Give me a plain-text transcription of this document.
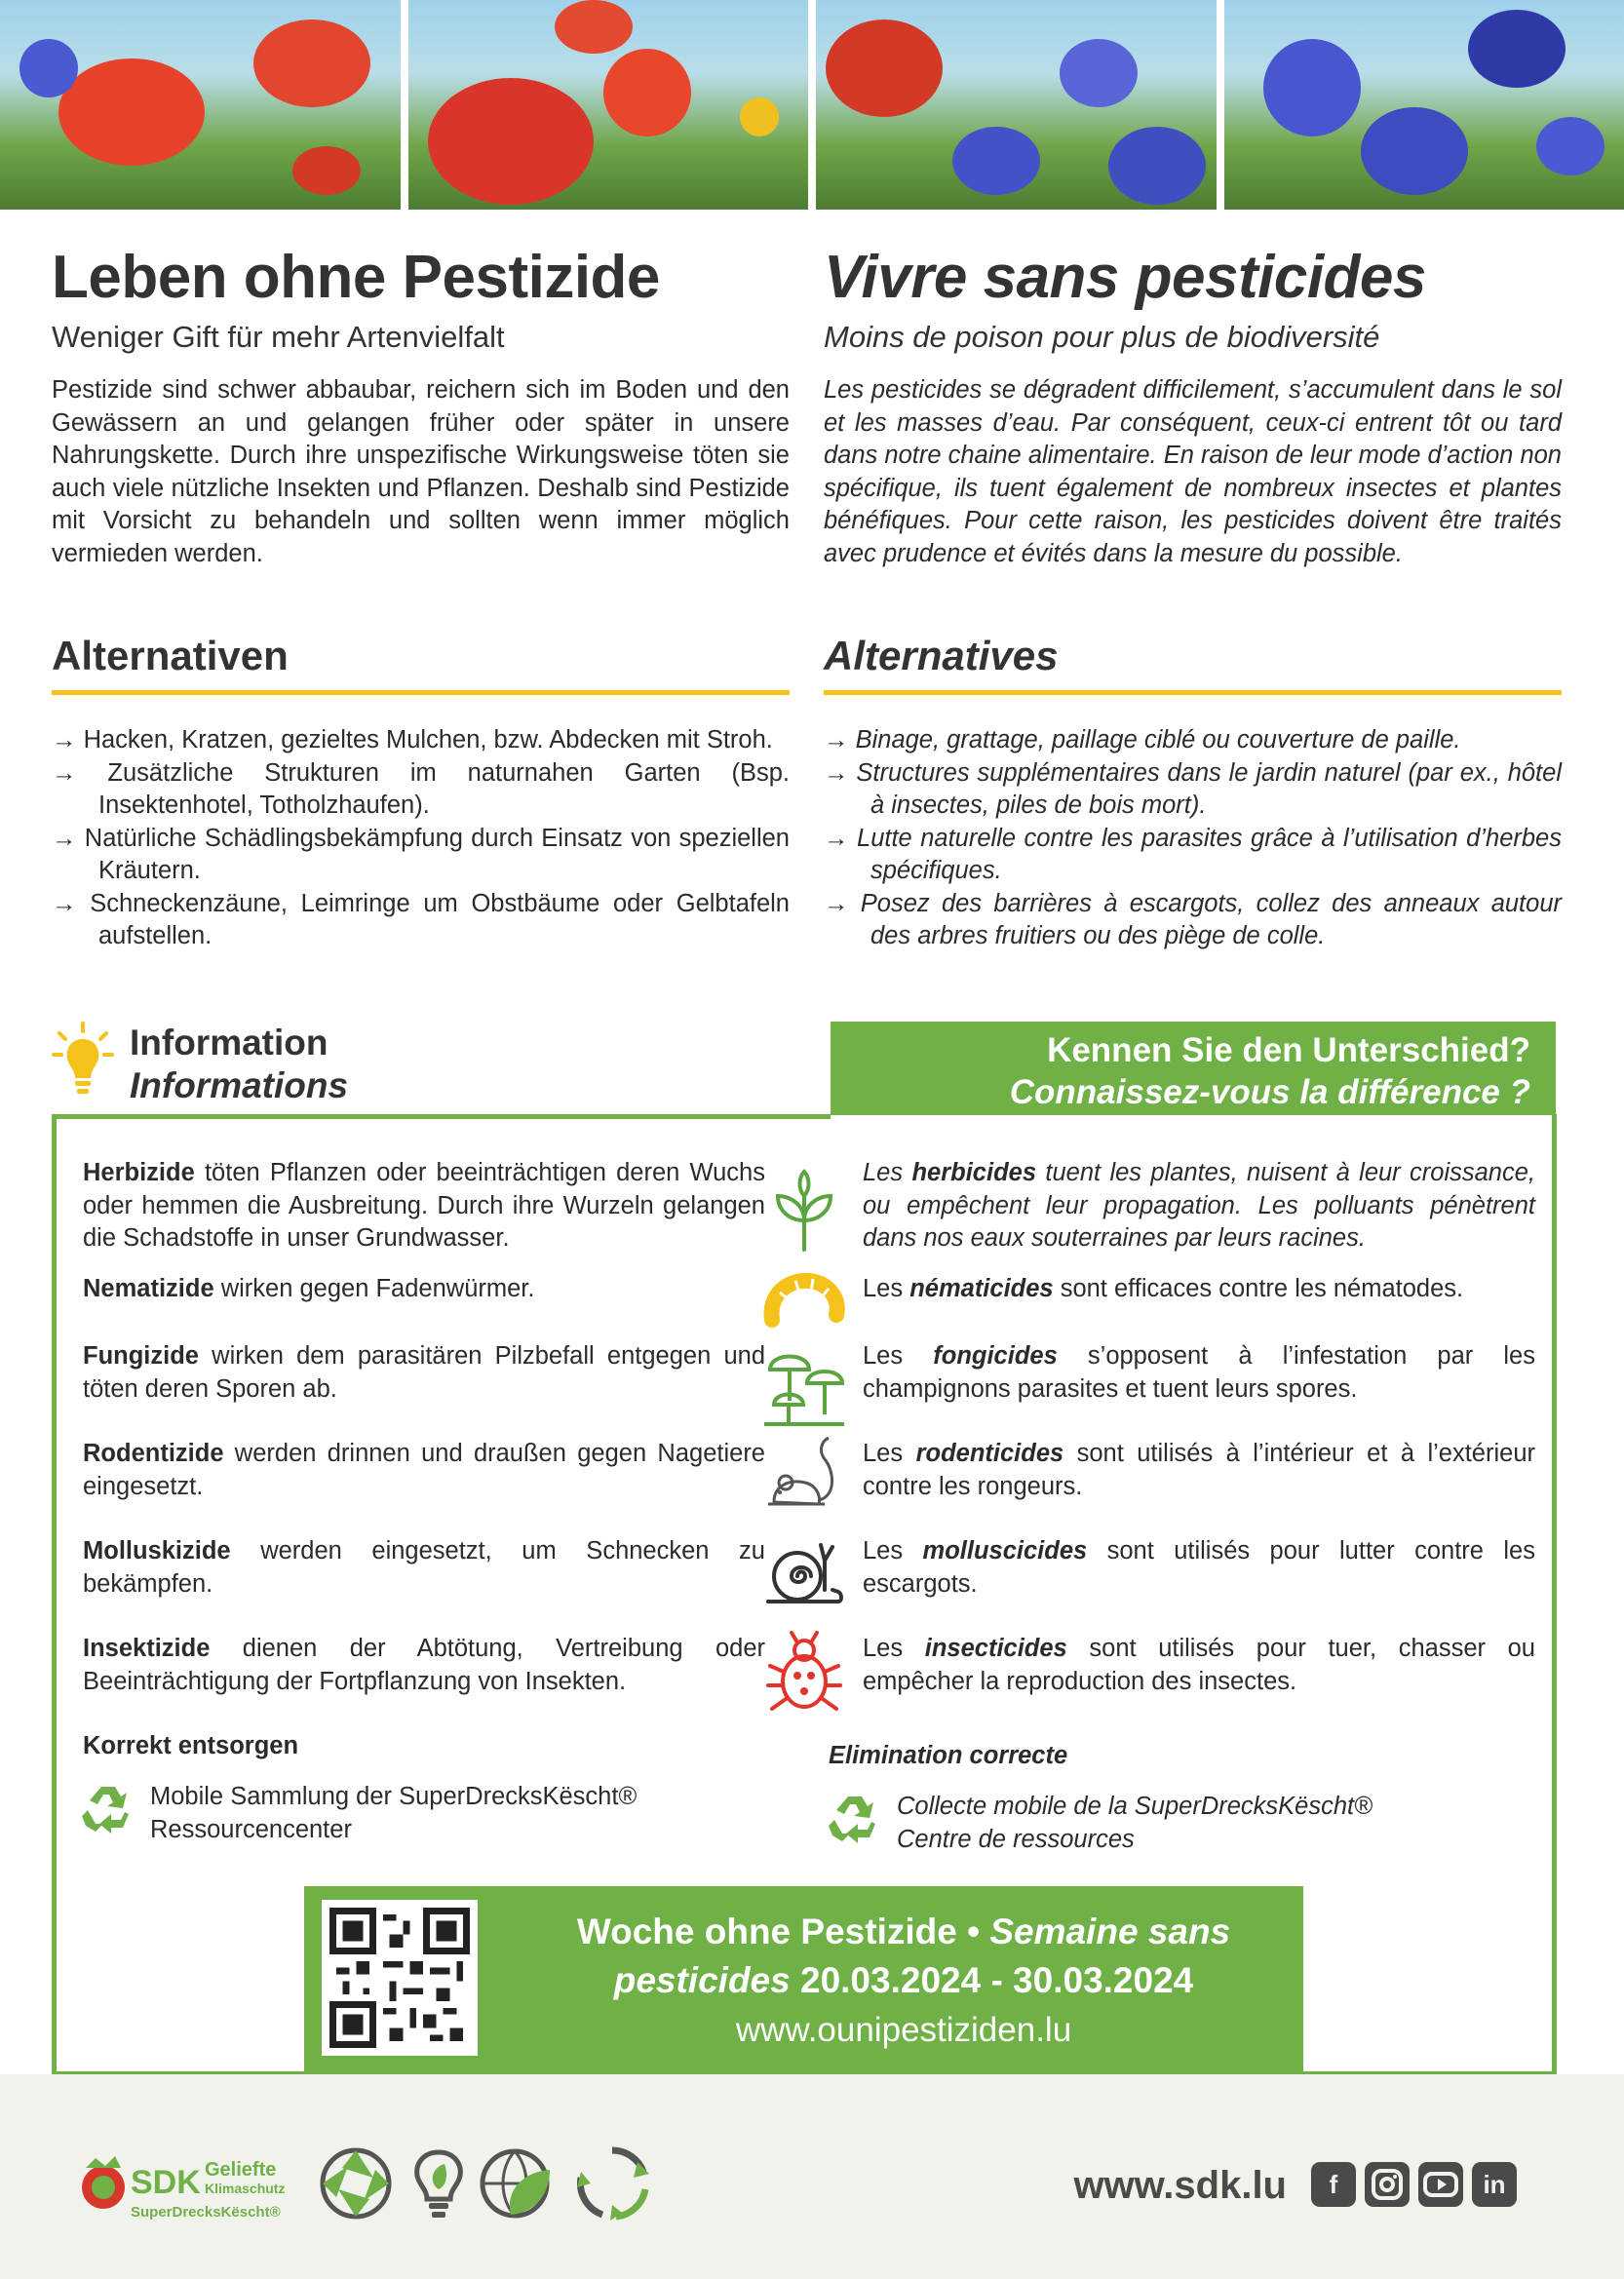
Leben ohne Pestizide
Weniger Gift für mehr Artenvielfalt

Pestizide sind schwer abbaubar, reichern sich im Boden und den Gewässern an und gelangen früher oder später in unsere Nahrungskette. Durch ihre unspezifische Wirkungsweise töten sie auch viele nützliche Insekten und Pflanzen. Deshalb sind Pestizide mit Vorsicht zu behandeln und sollten wenn immer möglich vermieden werden.

Vivre sans pesticides
Moins de poison pour plus de biodiversité

Les pesticides se dégradent difficilement, s’accumulent dans le sol et les masses d’eau. Par conséquent, ceux-ci entrent tôt ou tard dans notre chaine alimentaire. En raison de leur mode d’action non spécifique, ils tuent également de nombreux insectes et plantes bénéfiques. Pour cette raison, les pesticides doivent être traités avec prudence et évités dans la mesure du possible.

Alternativen
→ Hacken, Kratzen, gezieltes Mulchen, bzw. Abdecken mit Stroh.
→ Zusätzliche Strukturen im naturnahen Garten (Bsp. Insektenhotel, Totholzhaufen).
→ Natürliche Schädlingsbekämpfung durch Einsatz von speziellen Kräutern.
→ Schneckenzäune, Leimringe um Obstbäume oder Gelbtafeln aufstellen.
Alternatives
→ Binage, grattage, paillage ciblé ou couverture de paille.
→ Structures supplémentaires dans le jardin naturel (par ex., hôtel à insectes, piles de bois mort).
→ Lutte naturelle contre les parasites grâce à l’utilisation d’herbes spécifiques.
→ Posez des barrières à escargots, collez des anneaux autour des arbres fruitiers ou des piège de colle.
Information
Informations
Kennen Sie den Unterschied?
Connaissez-vous la différence ?
Herbizide töten Pflanzen oder beeinträchtigen deren Wuchs oder hemmen die Ausbreitung. Durch ihre Wurzeln gelangen die Schadstoffe in unser Grundwasser.
Les herbicides tuent les plantes, nuisent à leur croissance, ou empêchent leur propagation. Les polluants pénètrent dans nos eaux souterraines par leurs racines.
Nematizide wirken gegen Fadenwürmer.	Les nématicides sont efficaces contre les nématodes.
Fungizide wirken dem parasitären Pilzbefall entgegen und töten deren Sporen ab.
Les fongicides s’opposent à l’infestation par les champignons parasites et tuent leurs spores.
Rodentizide werden drinnen und draußen gegen Nagetiere eingesetzt.
Les rodenticides sont utilisés à l’intérieur et à l’extérieur contre les rongeurs.
Molluskizide werden eingesetzt, um Schnecken zu bekämpfen.
Les molluscicides sont utilisés pour lutter contre les escargots.
Insektizide dienen der Abtötung, Vertreibung oder Beeinträchtigung der Fortpflanzung von Insekten.
Les insecticides sont utilisés pour tuer, chasser ou empêcher la reproduction des insectes.
Korrekt entsorgen	Elimination correcte
Mobile Sammlung der SuperDrecksKëscht®
Ressourcencenter
Collecte mobile de la SuperDrecksKëscht®
Centre de ressources
Woche ohne Pestizide • Semaine sans pesticides 20.03.2024 - 30.03.2024
www.ounipestiziden.lu
SDK Geliefte
Klimaschutz
SuperDrecksKëscht®
www.sdk.lu	f	in
